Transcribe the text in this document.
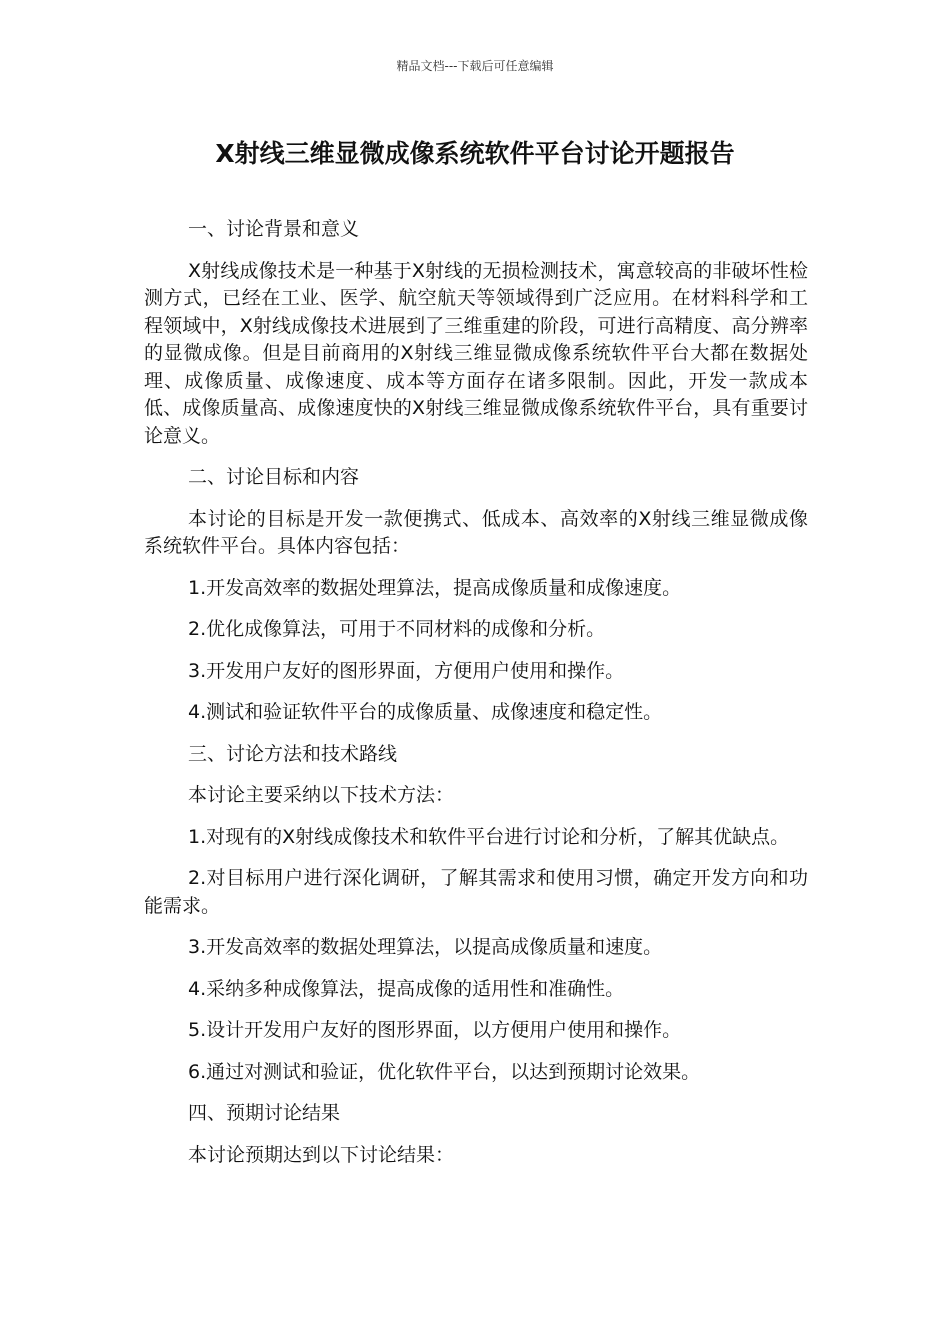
精品文档---下载后可任意编辑
X射线三维显微成像系统软件平台讨论开题报告
一、讨论背景和意义
X射线成像技术是一种基于X射线的无损检测技术，寓意较高的非破坏性检测方式，已经在工业、医学、航空航天等领域得到广泛应用。在材料科学和工程领域中，X射线成像技术进展到了三维重建的阶段，可进行高精度、高分辨率的显微成像。但是目前商用的X射线三维显微成像系统软件平台大都在数据处理、成像质量、成像速度、成本等方面存在诸多限制。因此，开发一款成本低、成像质量高、成像速度快的X射线三维显微成像系统软件平台，具有重要讨论意义。
二、讨论目标和内容
本讨论的目标是开发一款便携式、低成本、高效率的X射线三维显微成像系统软件平台。具体内容包括：
1.开发高效率的数据处理算法，提高成像质量和成像速度。
2.优化成像算法，可用于不同材料的成像和分析。
3.开发用户友好的图形界面，方便用户使用和操作。
4.测试和验证软件平台的成像质量、成像速度和稳定性。
三、讨论方法和技术路线
本讨论主要采纳以下技术方法：
1.对现有的X射线成像技术和软件平台进行讨论和分析，了解其优缺点。
2.对目标用户进行深化调研，了解其需求和使用习惯，确定开发方向和功能需求。
3.开发高效率的数据处理算法，以提高成像质量和速度。
4.采纳多种成像算法，提高成像的适用性和准确性。
5.设计开发用户友好的图形界面，以方便用户使用和操作。
6.通过对测试和验证，优化软件平台，以达到预期讨论效果。
四、预期讨论结果
本讨论预期达到以下讨论结果：
